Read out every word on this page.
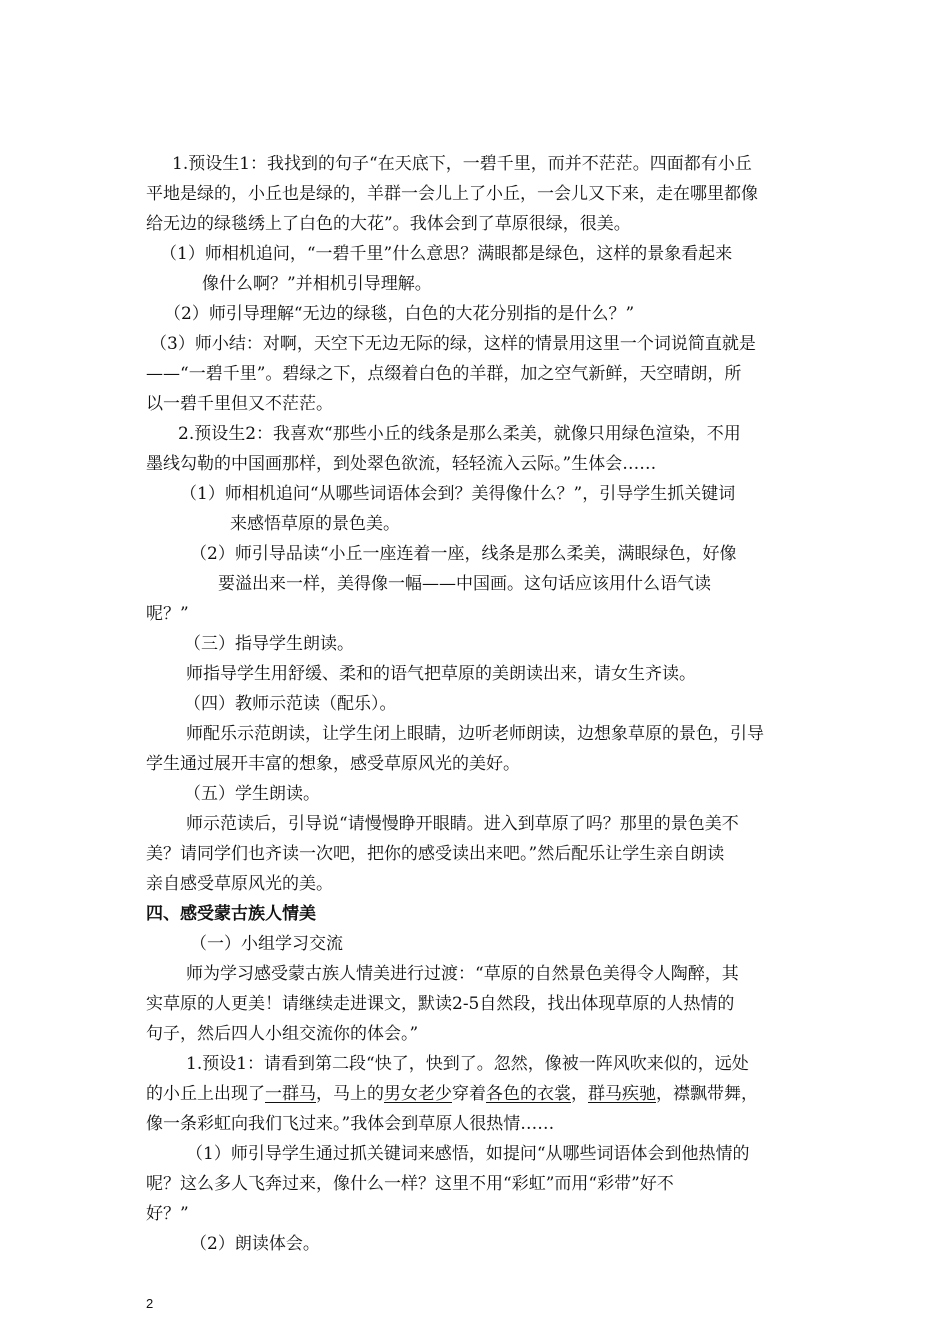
1.预设生1：我找到的句子“在天底下，一碧千里，而并不茫茫。四面都有小丘
平地是绿的，小丘也是绿的，羊群一会儿上了小丘，一会儿又下来，走在哪里都像
给无边的绿毯绣上了白色的大花”。我体会到了草原很绿，很美。
（1）师相机追问，“一碧千里”什么意思？满眼都是绿色，这样的景象看起来
像什么啊？”并相机引导理解。
（2）师引导理解“无边的绿毯，白色的大花分别指的是什么？”
（3）师小结：对啊，天空下无边无际的绿，这样的情景用这里一个词说简直就是
——“一碧千里”。碧绿之下，点缀着白色的羊群，加之空气新鲜，天空晴朗，所
以一碧千里但又不茫茫。
2.预设生2：我喜欢“那些小丘的线条是那么柔美，就像只用绿色渲染，不用
墨线勾勒的中国画那样，到处翠色欲流，轻轻流入云际。”生体会……
（1）师相机追问“从哪些词语体会到？美得像什么？”，引导学生抓关键词
来感悟草原的景色美。
（2）师引导品读“小丘一座连着一座，线条是那么柔美，满眼绿色，好像
要溢出来一样，美得像一幅——中国画。这句话应该用什么语气读
呢？”
（三）指导学生朗读。
师指导学生用舒缓、柔和的语气把草原的美朗读出来，请女生齐读。
（四）教师示范读（配乐）。
师配乐示范朗读，让学生闭上眼睛，边听老师朗读，边想象草原的景色，引导
学生通过展开丰富的想象，感受草原风光的美好。
（五）学生朗读。
师示范读后，引导说“请慢慢睁开眼睛。进入到草原了吗？那里的景色美不
美？请同学们也齐读一次吧，把你的感受读出来吧。”然后配乐让学生亲自朗读
亲自感受草原风光的美。
四、感受蒙古族人情美
（一）小组学习交流
师为学习感受蒙古族人情美进行过渡：“草原的自然景色美得令人陶醉，其
实草原的人更美！请继续走进课文，默读2-5自然段，找出体现草原的人热情的
句子，然后四人小组交流你的体会。”
1.预设1：请看到第二段“快了，快到了。忽然，像被一阵风吹来似的，远处
的小丘上出现了一群马，马上的男女老少穿着各色的衣裳，群马疾驰，襟飘带舞，
像一条彩虹向我们飞过来。”我体会到草原人很热情……
（1）师引导学生通过抓关键词来感悟，如提问“从哪些词语体会到他热情的
呢？这么多人飞奔过来，像什么一样？这里不用“彩虹”而用“彩带”好不
好？”
（2）朗读体会。
2
